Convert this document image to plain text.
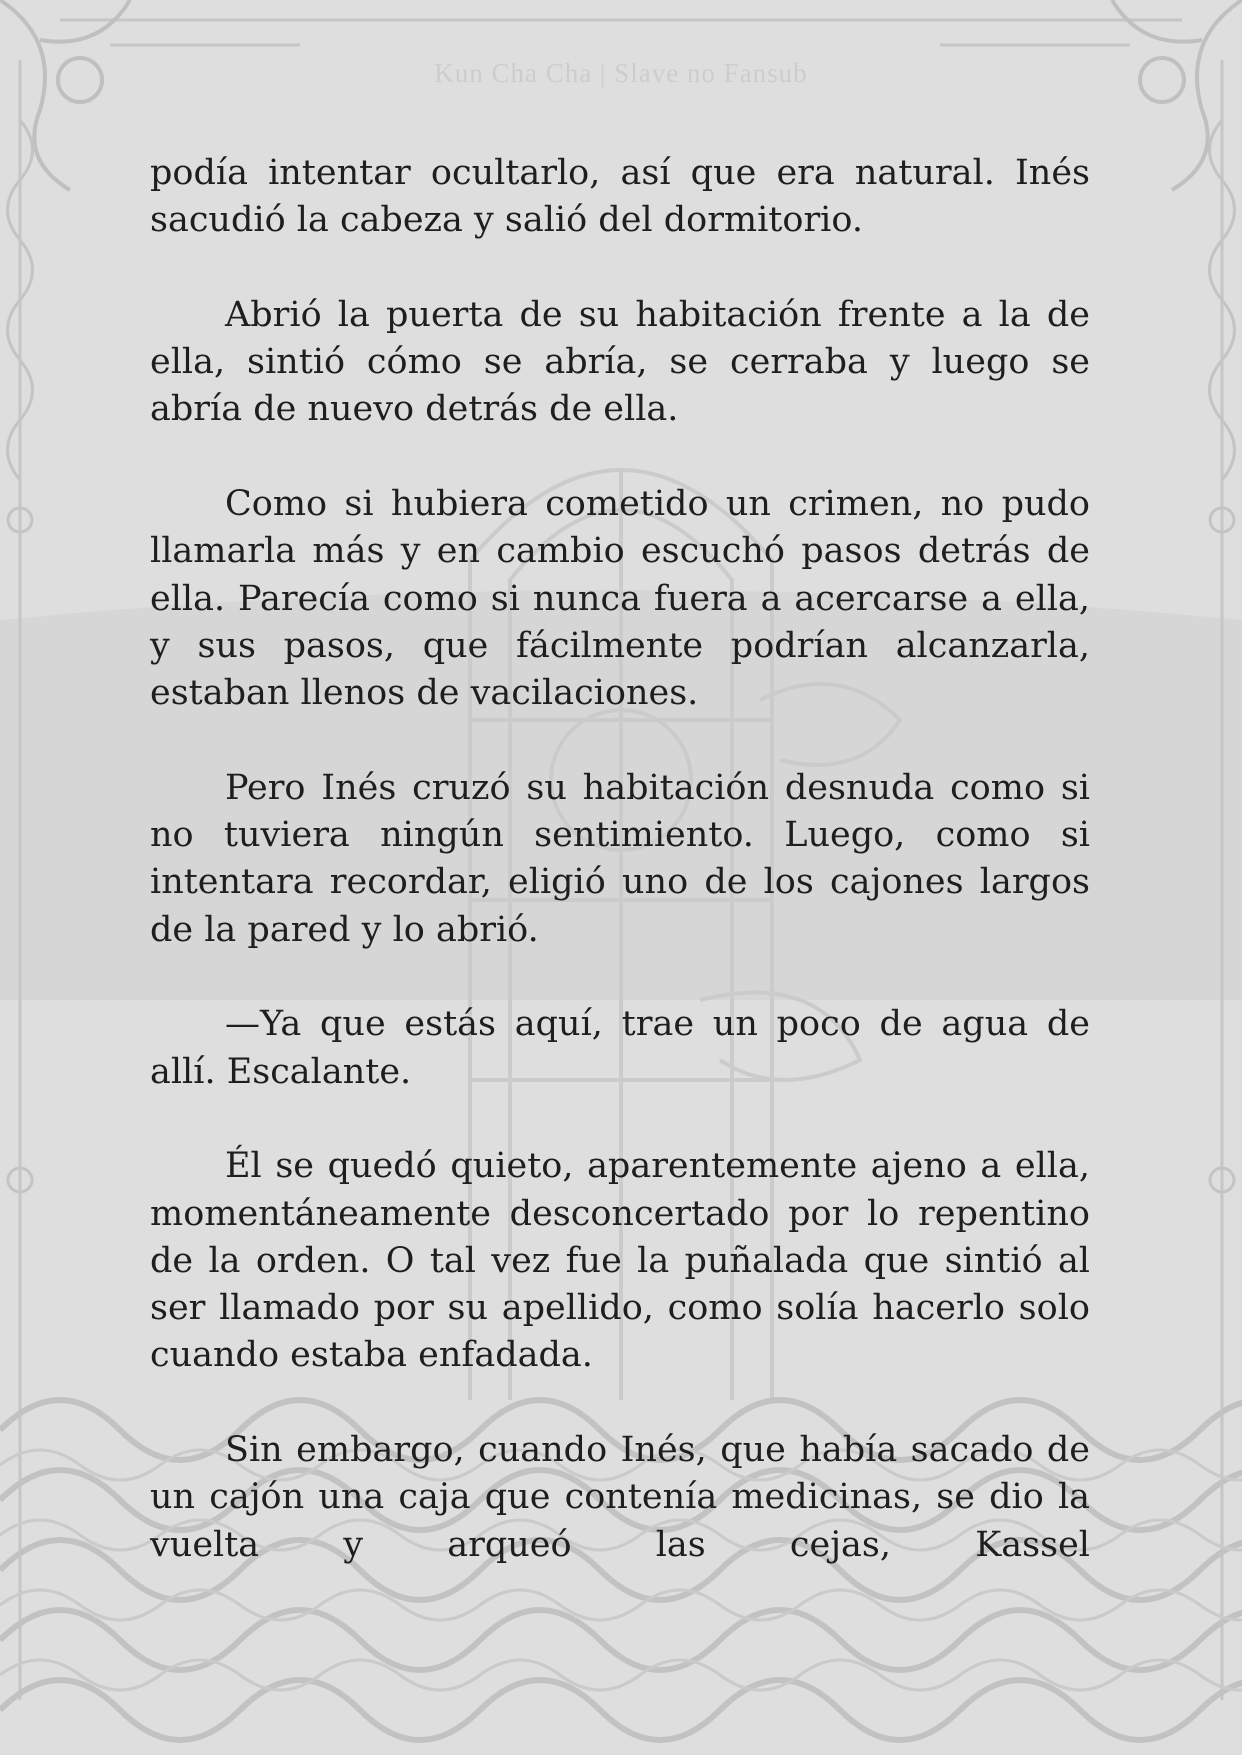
Kun Cha Cha | Slave no Fansub

podía intentar ocultarlo, así que era natural. Inés sacudió la cabeza y salió del dormitorio.

Abrió la puerta de su habitación frente a la de ella, sintió cómo se abría, se cerraba y luego se abría de nuevo detrás de ella.

Como si hubiera cometido un crimen, no pudo llamarla más y en cambio escuchó pasos detrás de ella. Parecía como si nunca fuera a acercarse a ella, y sus pasos, que fácilmente podrían alcanzarla, estaban llenos de vacilaciones.

Pero Inés cruzó su habitación desnuda como si no tuviera ningún sentimiento. Luego, como si intentara recordar, eligió uno de los cajones largos de la pared y lo abrió.

—Ya que estás aquí, trae un poco de agua de allí. Escalante.

Él se quedó quieto, aparentemente ajeno a ella, momentáneamente desconcertado por lo repentino de la orden. O tal vez fue la puñalada que sintió al ser llamado por su apellido, como solía hacerlo solo cuando estaba enfadada.

Sin embargo, cuando Inés, que había sacado de un cajón una caja que contenía medicinas, se dio la vuelta y arqueó las cejas, Kassel
